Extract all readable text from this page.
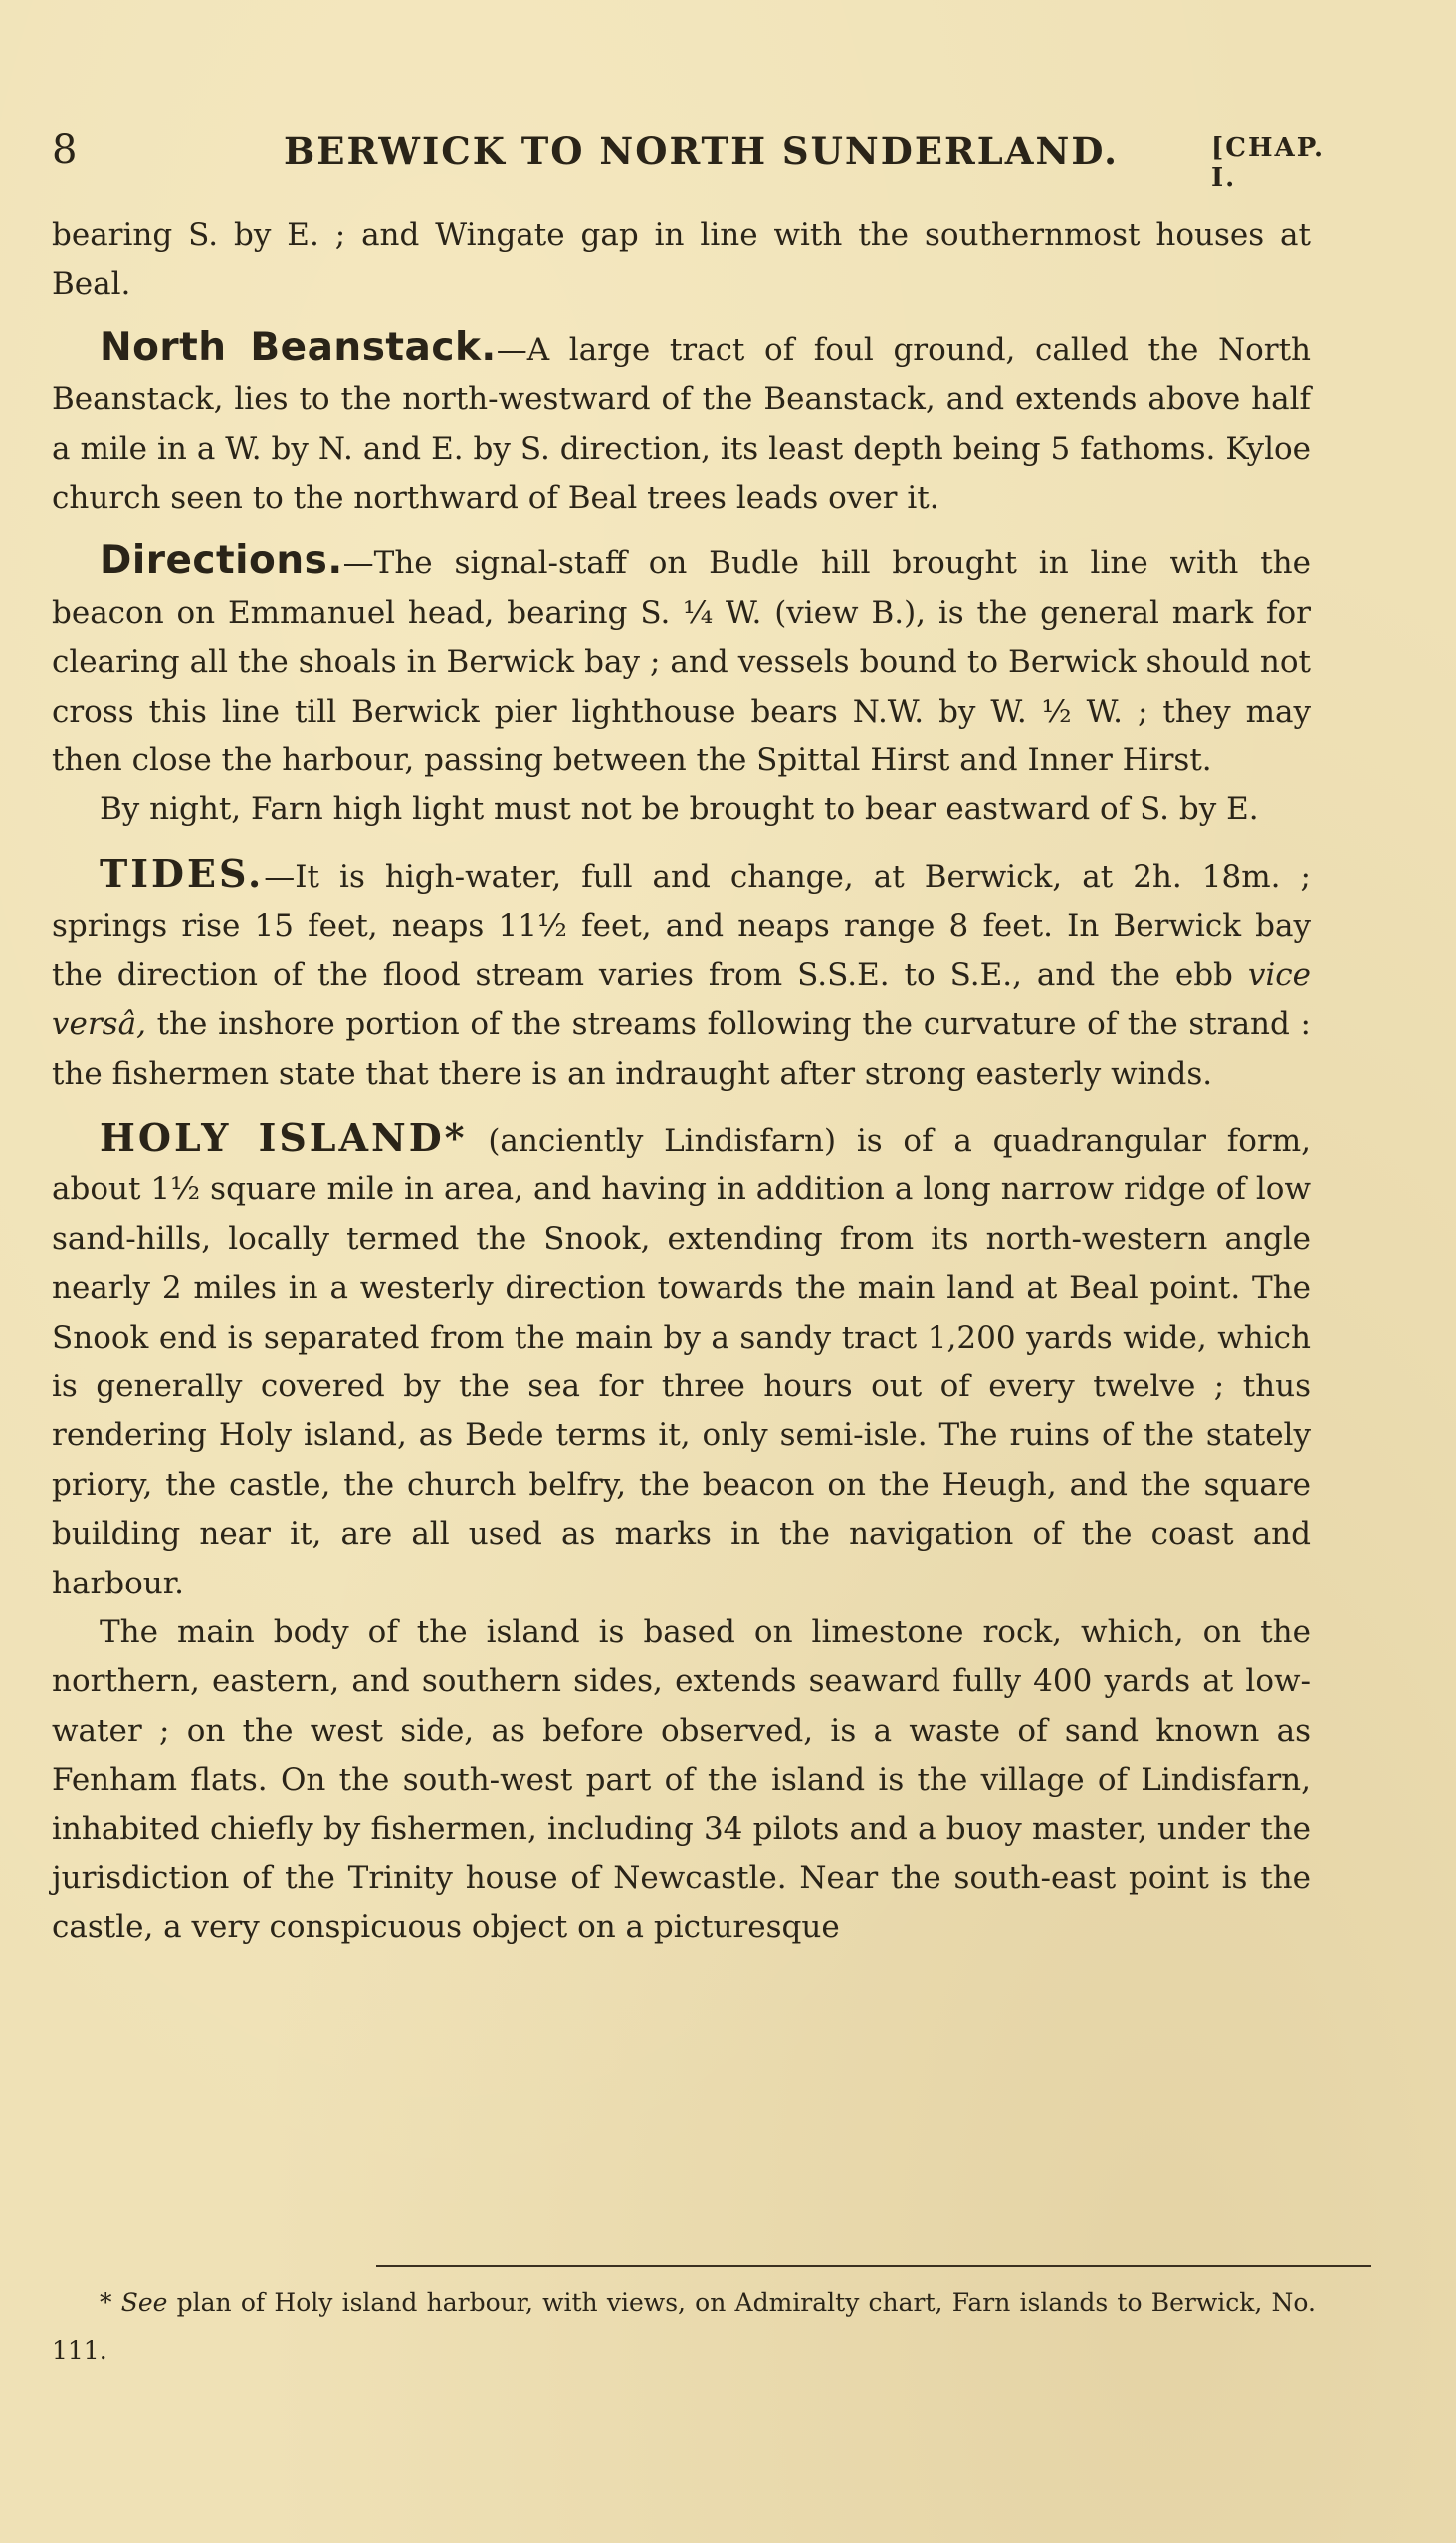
8	BERWICK TO NORTH SUNDERLAND.	[CHAP. I.

bearing S. by E. ; and Wingate gap in line with the southernmost houses at Beal.

North Beanstack.—A large tract of foul ground, called the North Beanstack, lies to the north-westward of the Beanstack, and extends above half a mile in a W. by N. and E. by S. direction, its least depth being 5 fathoms. Kyloe church seen to the northward of Beal trees leads over it.

Directions.—The signal-staff on Budle hill brought in line with the beacon on Emmanuel head, bearing S. ¼ W. (view B.), is the general mark for clearing all the shoals in Berwick bay ; and vessels bound to Berwick should not cross this line till Berwick pier lighthouse bears N.W. by W. ½ W. ; they may then close the harbour, passing between the Spittal Hirst and Inner Hirst.

By night, Farn high light must not be brought to bear eastward of S. by E.

TIDES.—It is high-water, full and change, at Berwick, at 2h. 18m. ; springs rise 15 feet, neaps 11½ feet, and neaps range 8 feet. In Berwick bay the direction of the flood stream varies from S.S.E. to S.E., and the ebb vice versâ, the inshore portion of the streams following the curvature of the strand : the fishermen state that there is an indraught after strong easterly winds.

HOLY ISLAND* (anciently Lindisfarn) is of a quadrangular form, about 1½ square mile in area, and having in addition a long narrow ridge of low sand-hills, locally termed the Snook, extending from its north-western angle nearly 2 miles in a westerly direction towards the main land at Beal point. The Snook end is separated from the main by a sandy tract 1,200 yards wide, which is generally covered by the sea for three hours out of every twelve ; thus rendering Holy island, as Bede terms it, only semi-isle. The ruins of the stately priory, the castle, the church belfry, the beacon on the Heugh, and the square building near it, are all used as marks in the navigation of the coast and harbour.

The main body of the island is based on limestone rock, which, on the northern, eastern, and southern sides, extends seaward fully 400 yards at low-water ; on the west side, as before observed, is a waste of sand known as Fenham flats. On the south-west part of the island is the village of Lindisfarn, inhabited chiefly by fishermen, including 34 pilots and a buoy master, under the jurisdiction of the Trinity house of Newcastle. Near the south-east point is the castle, a very conspicuous object on a picturesque

* See plan of Holy island harbour, with views, on Admiralty chart, Farn islands to Berwick, No. 111.
